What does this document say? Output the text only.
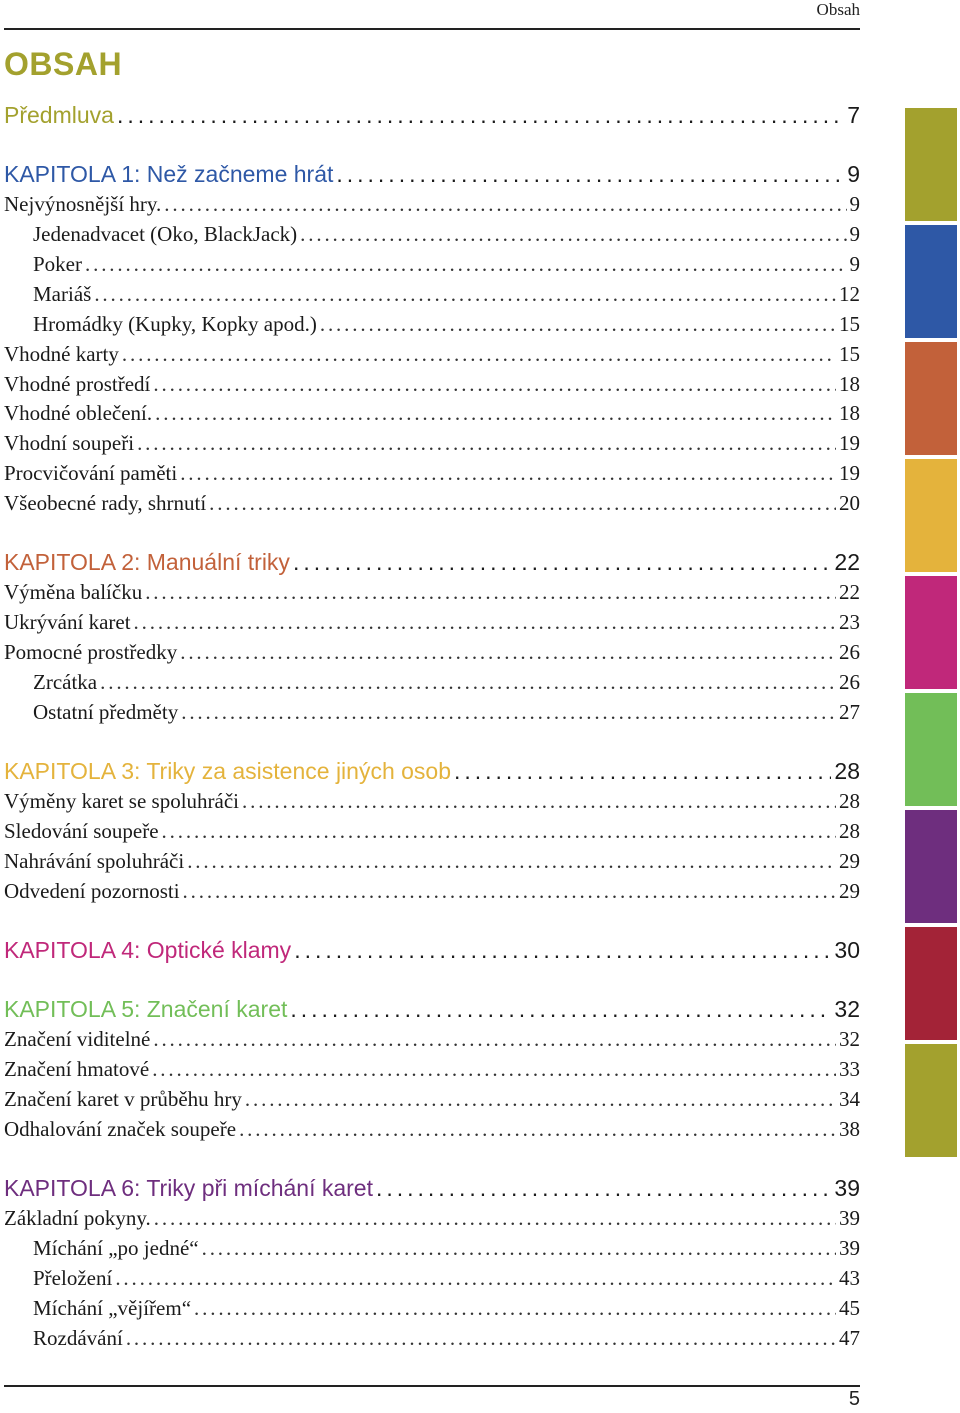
Obsah
OBSAH
Předmluva . . .	7
KAPITOLA 1: Než začneme hrát . . .	9
Nejvýnosnější hry. . . .	9
Jedenadvacet (Oko, BlackJack) . . .	9
Poker . . .	9
Mariáš . . .	12
Hromádky (Kupky, Kopky apod.) . . .	15
Vhodné karty . . .	15
Vhodné prostředí . . .	18
Vhodné oblečení. . . .	18
Vhodní soupeři . . .	19
Procvičování paměti . . .	19
Všeobecné rady, shrnutí . . .	20
KAPITOLA 2: Manuální triky . . .	22
Výměna balíčku . . .	22
Ukrývání karet . . .	23
Pomocné prostředky . . .	26
Zrcátka . . .	26
Ostatní předměty . . .	27
KAPITOLA 3: Triky za asistence jiných osob . . .	28
Výměny karet se spoluhráči . . .	28
Sledování soupeře . . .	28
Nahrávání spoluhráči . . .	29
Odvedení pozornosti . . .	29
KAPITOLA 4: Optické klamy . . .	30
KAPITOLA 5: Značení karet . . .	32
Značení viditelné . . .	32
Značení hmatové . . .	33
Značení karet v průběhu hry . . .	34
Odhalování značek soupeře . . .	38
KAPITOLA 6: Triky při míchání karet . . .	39
Základní pokyny. . . .	39
Míchání „po jedné“ . . .	39
Přeložení . . .	43
Míchání „vějířem“ . . .	45
Rozdávání . . .	47
5
